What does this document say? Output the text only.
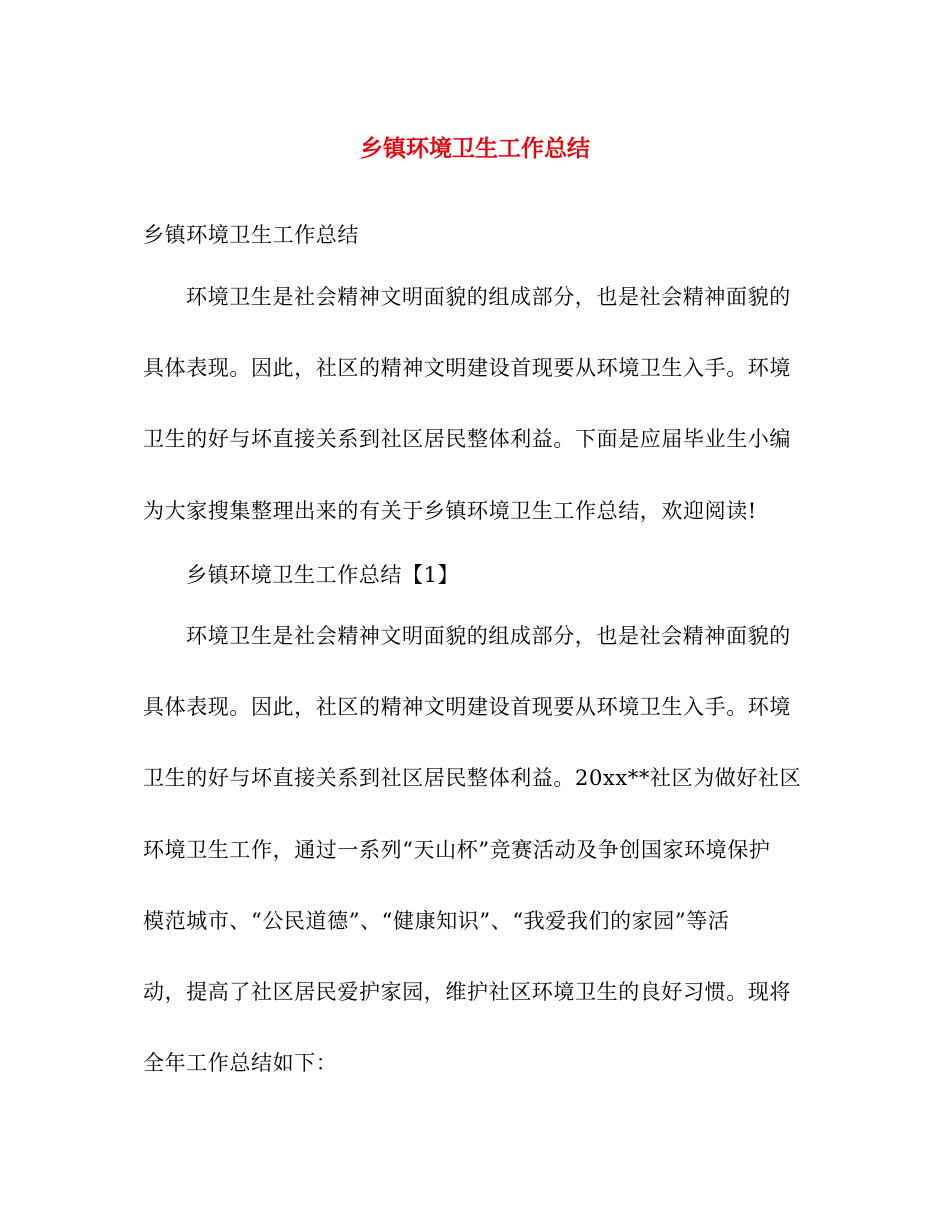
乡镇环境卫生工作总结
乡镇环境卫生工作总结
环境卫生是社会精神文明面貌的组成部分，也是社会精神面貌的
具体表现。因此，社区的精神文明建设首现要从环境卫生入手。环境
卫生的好与坏直接关系到社区居民整体利益。下面是应届毕业生小编
为大家搜集整理出来的有关于乡镇环境卫生工作总结，欢迎阅读!
乡镇环境卫生工作总结【1】
环境卫生是社会精神文明面貌的组成部分，也是社会精神面貌的
具体表现。因此，社区的精神文明建设首现要从环境卫生入手。环境
卫生的好与坏直接关系到社区居民整体利益。20xx**社区为做好社区
环境卫生工作，通过一系列“天山杯”竞赛活动及争创国家环境保护
模范城市、“公民道德”、“健康知识”、“我爱我们的家园”等活
动，提高了社区居民爱护家园，维护社区环境卫生的良好习惯。现将
全年工作总结如下：
